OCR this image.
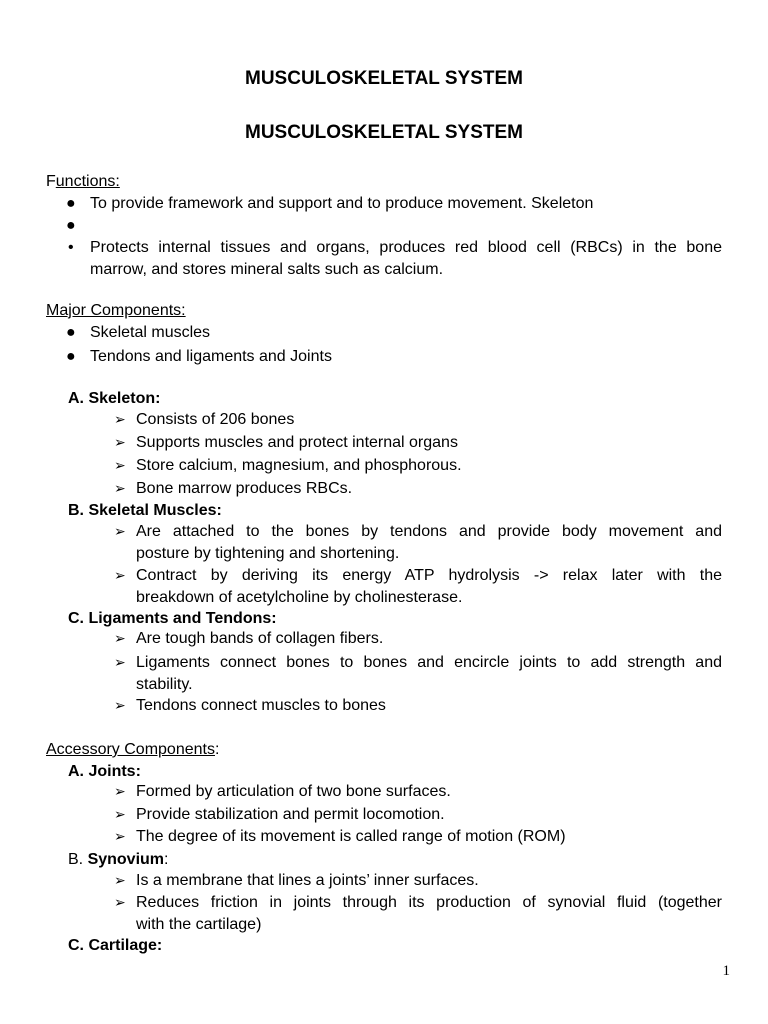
MUSCULOSKELETAL SYSTEM
MUSCULOSKELETAL SYSTEM
Functions:
● To provide framework and support and to produce movement. Skeleton
●
•	Protects internal tissues and organs, produces red blood cell (RBCs) in the bone
marrow, and stores mineral salts such as calcium.
Major Components:
● Skeletal muscles
● Tendons and ligaments and Joints
A. Skeleton:
➢ Consists of 206 bones
➢ Supports muscles and protect internal organs
➢ Store calcium, magnesium, and phosphorous.
➢ Bone marrow produces RBCs.
B. Skeletal Muscles:
➢ Are attached to the bones by tendons and provide body movement and
posture by tightening and shortening.
➢ Contract by deriving its energy ATP hydrolysis -> relax later with the
breakdown of acetylcholine by cholinesterase.
C. Ligaments and Tendons:
➢ Are tough bands of collagen fibers.
➢ Ligaments connect bones to bones and encircle joints to add strength and
stability.
➢ Tendons connect muscles to bones
Accessory Components:
A. Joints:
➢ Formed by articulation of two bone surfaces.
➢ Provide stabilization and permit locomotion.
➢ The degree of its movement is called range of motion (ROM)
B. Synovium:
➢ Is a membrane that lines a joints’ inner surfaces.
➢ Reduces friction in joints through its production of synovial fluid (together
with the cartilage)
C. Cartilage:
1
